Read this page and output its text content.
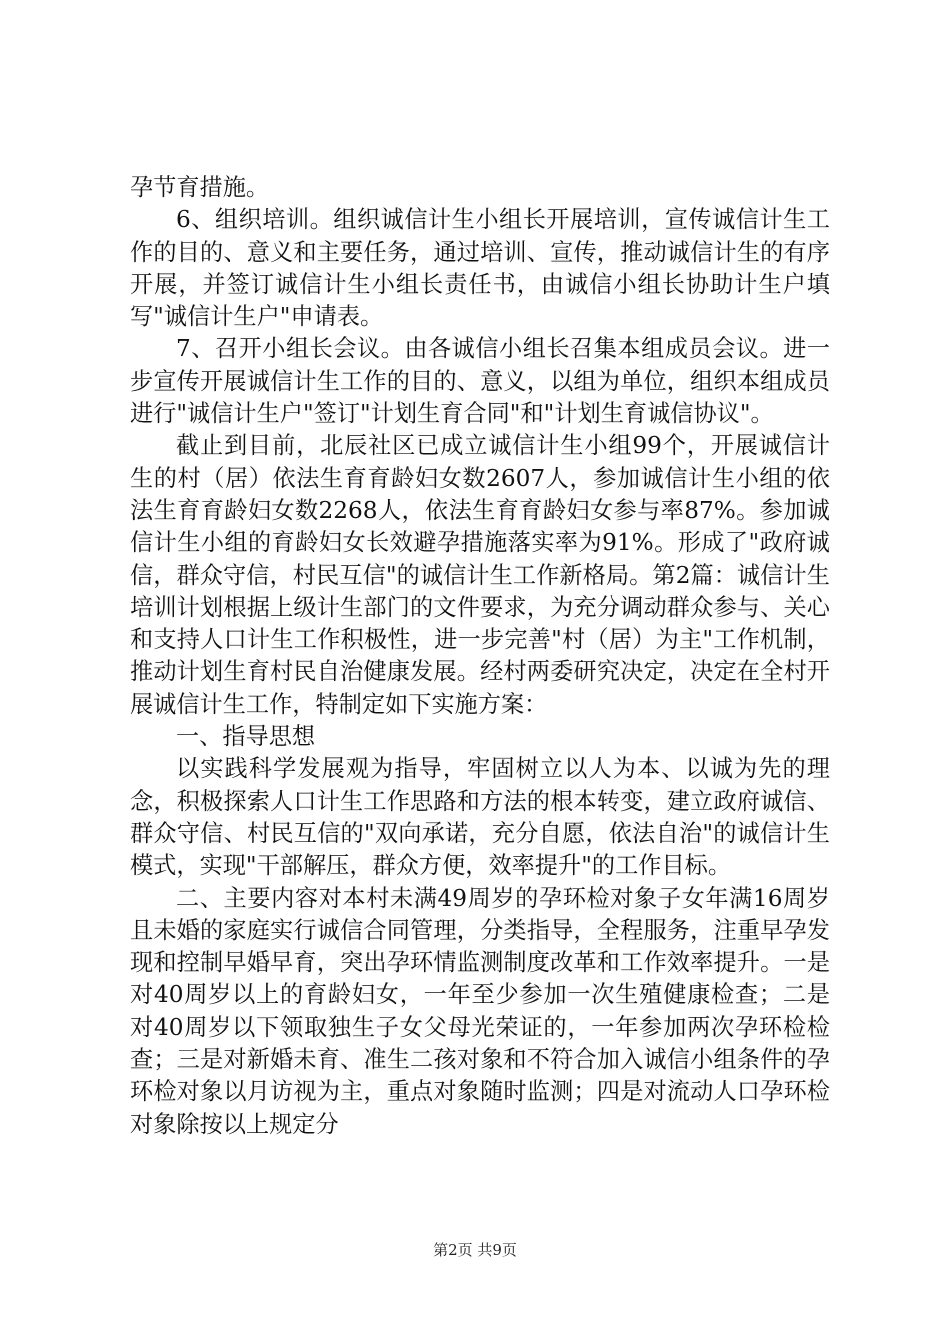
孕节育措施。

6、组织培训。组织诚信计生小组长开展培训，宣传诚信计生工作的目的、意义和主要任务，通过培训、宣传，推动诚信计生的有序开展，并签订诚信计生小组长责任书，由诚信小组长协助计生户填写"诚信计生户"申请表。

7、召开小组长会议。由各诚信小组长召集本组成员会议。进一步宣传开展诚信计生工作的目的、意义，以组为单位，组织本组成员进行"诚信计生户"签订"计划生育合同"和"计划生育诚信协议"。

截止到目前，北辰社区已成立诚信计生小组99个，开展诚信计生的村（居）依法生育育龄妇女数2607人，参加诚信计生小组的依法生育育龄妇女数2268人，依法生育育龄妇女参与率87%。参加诚信计生小组的育龄妇女长效避孕措施落实率为91%。形成了"政府诚信，群众守信，村民互信"的诚信计生工作新格局。第2篇：诚信计生培训计划根据上级计生部门的文件要求，为充分调动群众参与、关心和支持人口计生工作积极性，进一步完善"村（居）为主"工作机制，推动计划生育村民自治健康发展。经村两委研究决定，决定在全村开展诚信计生工作，特制定如下实施方案：

一、指导思想

以实践科学发展观为指导，牢固树立以人为本、以诚为先的理念，积极探索人口计生工作思路和方法的根本转变，建立政府诚信、群众守信、村民互信的"双向承诺，充分自愿，依法自治"的诚信计生模式，实现"干部解压，群众方便，效率提升"的工作目标。

二、主要内容对本村未满49周岁的孕环检对象子女年满16周岁且未婚的家庭实行诚信合同管理，分类指导，全程服务，注重早孕发现和控制早婚早育，突出孕环情监测制度改革和工作效率提升。一是对40周岁以上的育龄妇女，一年至少参加一次生殖健康检查；二是对40周岁以下领取独生子女父母光荣证的，一年参加两次孕环检检查；三是对新婚未育、准生二孩对象和不符合加入诚信小组条件的孕环检对象以月访视为主，重点对象随时监测；四是对流动人口孕环检对象除按以上规定分

第2页 共9页
